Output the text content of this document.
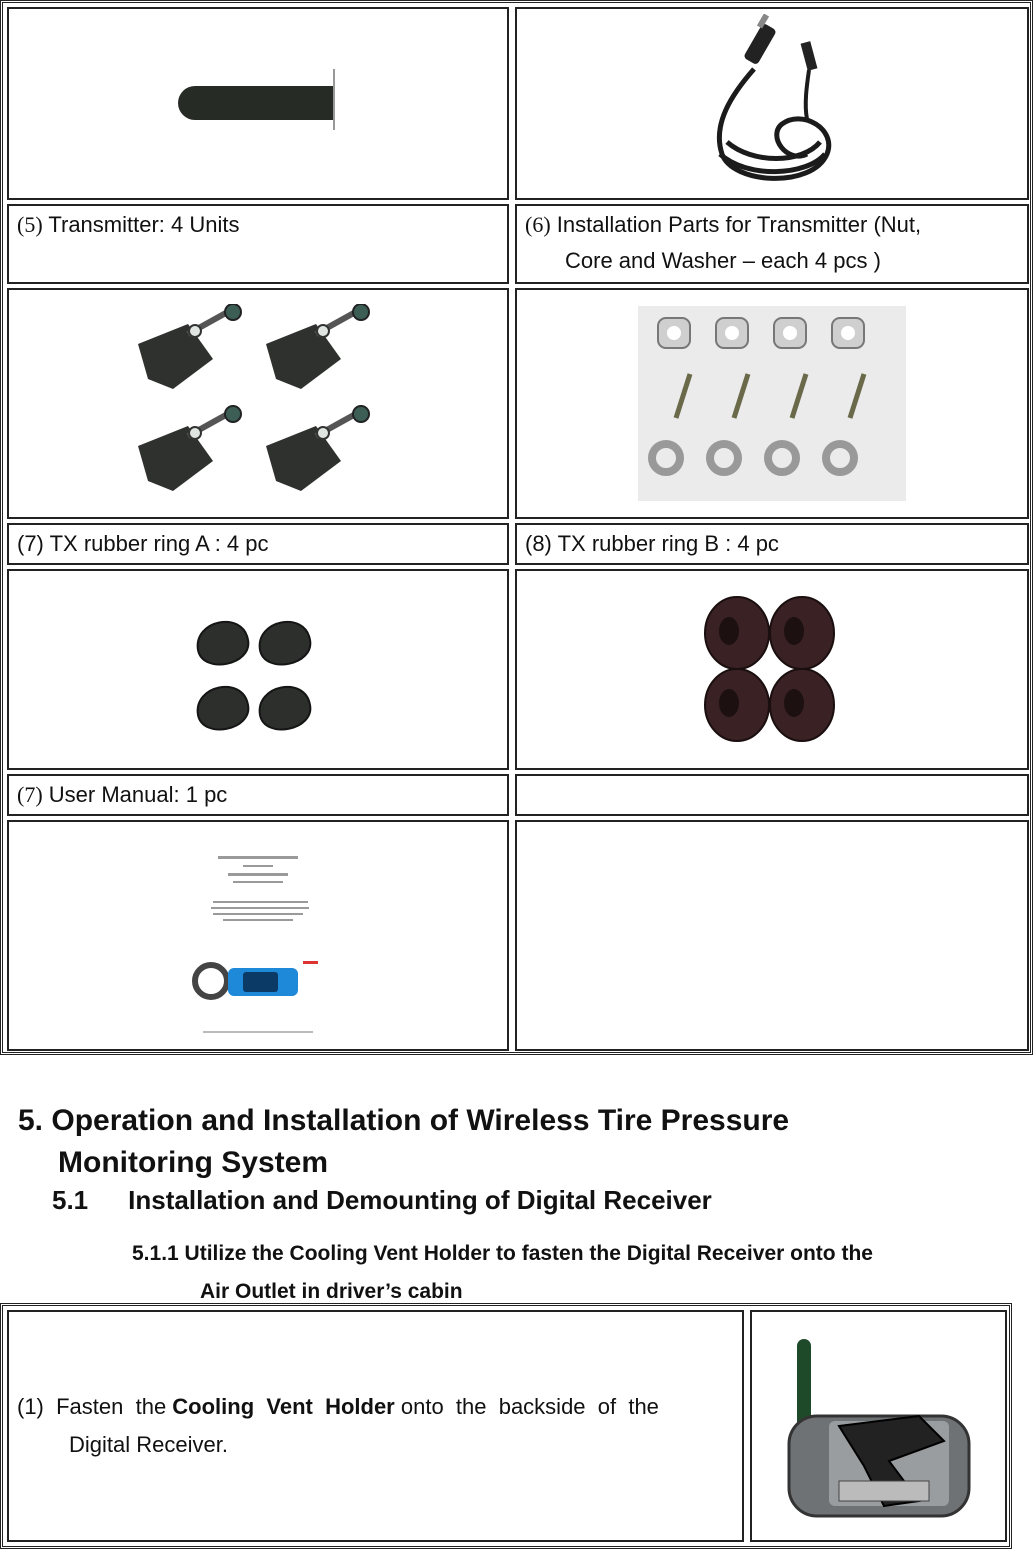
(5) Transmitter: 4 Units	(6) Installation Parts for Transmitter (Nut,
Core and Washer – each 4 pcs )
(7) TX rubber ring A : 4 pc	(8) TX rubber ring B : 4 pc
(7) User Manual: 1 pc
5. Operation and Installation of Wireless Tire Pressure
Monitoring System
5.1 Installation and Demounting of Digital Receiver
5.1.1 Utilize the Cooling Vent Holder to fasten the Digital Receiver onto the
Air Outlet in driver’s cabin
(1)  Fasten  the Cooling  Vent  Holder onto  the  backside  of  the
Digital Receiver.
